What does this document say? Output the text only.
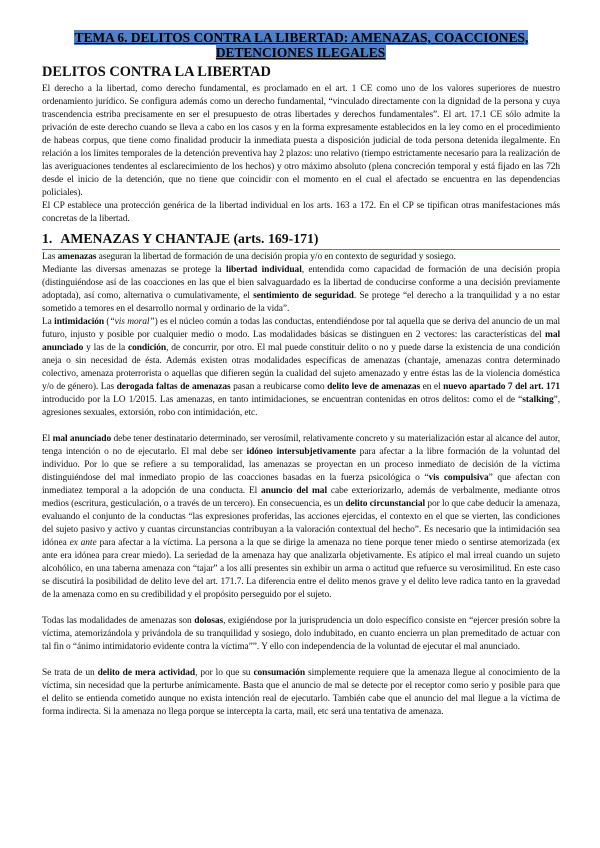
TEMA 6. DELITOS CONTRA LA LIBERTAD: AMENAZAS, COACCIONES, DETENCIONES ILEGALES
DELITOS CONTRA LA LIBERTAD

El derecho a la libertad, como derecho fundamental, es proclamado en el art. 1 CE como uno de los valores superiores de nuestro ordenamiento jurídico. Se configura además como un derecho fundamental, “vinculado directamente con la dignidad de la persona y cuya trascendencia estriba precisamente en ser el presupuesto de otras libertades y derechos fundamentales”. El art. 17.1 CE sólo admite la privación de este derecho cuando se lleva a cabo en los casos y en la forma expresamente establecidos en la ley como en el procedimiento de habeas corpus, que tiene como finalidad producir la inmediata puesta a disposición judicial de toda persona detenida ilegalmente. En relación a los límites temporales de la detención preventiva hay 2 plazos: uno relativo (tiempo estrictamente necesario para la realización de las averiguaciones tendentes al esclarecimiento de los hechos) y otro máximo absoluto (plena concreción temporal y está fijado en las 72h desde el inicio de la detención, que no tiene que coincidir con el momento en el cual el afectado se encuentra en las dependencias policiales).

El CP establece una protección genérica de la libertad individual en los arts. 163 a 172. En el CP se tipifican otras manifestaciones más concretas de la libertad.

1. AMENAZAS Y CHANTAJE (arts. 169-171)

Las amenazas aseguran la libertad de formación de una decisión propia y/o en contexto de seguridad y sosiego.

Mediante las diversas amenazas se protege la libertad individual, entendida como capacidad de formación de una decisión propia (distinguiéndose así de las coacciones en las que el bien salvaguardado es la libertad de conducirse conforme a una decisión previamente adoptada), así como, alternativa o cumulativamente, el sentimiento de seguridad. Se protege “el derecho a la tranquilidad y a no estar sometido a temores en el desarrollo normal y ordinario de la vida”.

La intimidación (“vis moral”) es el núcleo común a todas las conductas, entendiéndose por tal aquella que se deriva del anuncio de un mal futuro, injusto y posible por cualquier medio o modo. Las modalidades básicas se distinguen en 2 vectores: las características del mal anunciado y las de la condición, de concurrir, por otro. El mal puede constituir delito o no y puede darse la existencia de una condición aneja o sin necesidad de ésta. Además existen otras modalidades específicas de amenazas (chantaje, amenazas contra determinado colectivo, amenaza proterrorista o aquellas que difieren según la cualidad del sujeto amenazado y entre éstas las de la violencia doméstica y/o de género). Las derogada faltas de amenazas pasan a reubicarse como delito leve de amenazas en el nuevo apartado 7 del art. 171 introducido por la LO 1/2015. Las amenazas, en tanto intimidaciones, se encuentran contenidas en otros delitos: como el de “stalking”, agresiones sexuales, extorsión, robo con intimidación, etc.

El mal anunciado debe tener destinatario determinado, ser verosímil, relativamente concreto y su materialización estar al alcance del autor, tenga intención o no de ejecutarlo. El mal debe ser idóneo intersubjetivamente para afectar a la libre formación de la voluntad del individuo. Por lo que se refiere a su temporalidad, las amenazas se proyectan en un proceso inmediato de decisión de la víctima distinguiéndose del mal inmediato propio de las coacciones basadas en la fuerza psicológica o “vis compulsiva” que afectan con inmediatez temporal a la adopción de una conducta. El anuncio del mal cabe exteriorizarlo, además de verbalmente, mediante otros medios (escritura, gesticulación, o a través de un tercero). En consecuencia, es un delito circunstancial por lo que cabe deducir la amenaza, evaluando el conjunto de la conductas “las expresiones proferidas, las acciones ejercidas, el contexto en el que se vierten, las condiciones del sujeto pasivo y activo y cuantas circunstancias contribuyan a la valoración contextual del hecho”. Es necesario que la intimidación sea idónea ex ante para afectar a la víctima. La persona a la que se dirige la amenaza no tiene porque tener miedo o sentirse atemorizada (ex ante era idónea para crear miedo). La seriedad de la amenaza hay que analizarla objetivamente. Es atípico el mal irreal cuando un sujeto alcohólico, en una taberna amenaza con “tajar” a los allí presentes sin exhibir un arma o actitud que refuerce su verosimilitud. En este caso se discutirá la posibilidad de delito leve del art. 171.7. La diferencia entre el delito menos grave y el delito leve radica tanto en la gravedad de la amenaza como en su credibilidad y el propósito perseguido por el sujeto.

Todas las modalidades de amenazas son dolosas, exigiéndose por la jurisprudencia un dolo específico consiste en “ejercer presión sobre la víctima, atemorizándola y privándola de su tranquilidad y sosiego, dolo indubitado, en cuanto encierra un plan premeditado de actuar con tal fin o “ánimo intimidatorio evidente contra la víctima””. Y ello con independencia de la voluntad de ejecutar el mal anunciado.

Se trata de un delito de mera actividad, por lo que su consumación simplemente requiere que la amenaza llegue al conocimiento de la víctima, sin necesidad que la perturbe anímicamente. Basta que el anuncio de mal se detecte por el receptor como serio y posible para que el delito se entienda cometido aunque no exista intención real de ejecutarlo. También cabe que el anuncio del mal llegue a la víctima de forma indirecta. Si la amenaza no llega porque se intercepta la carta, mail, etc será una tentativa de amenaza.
